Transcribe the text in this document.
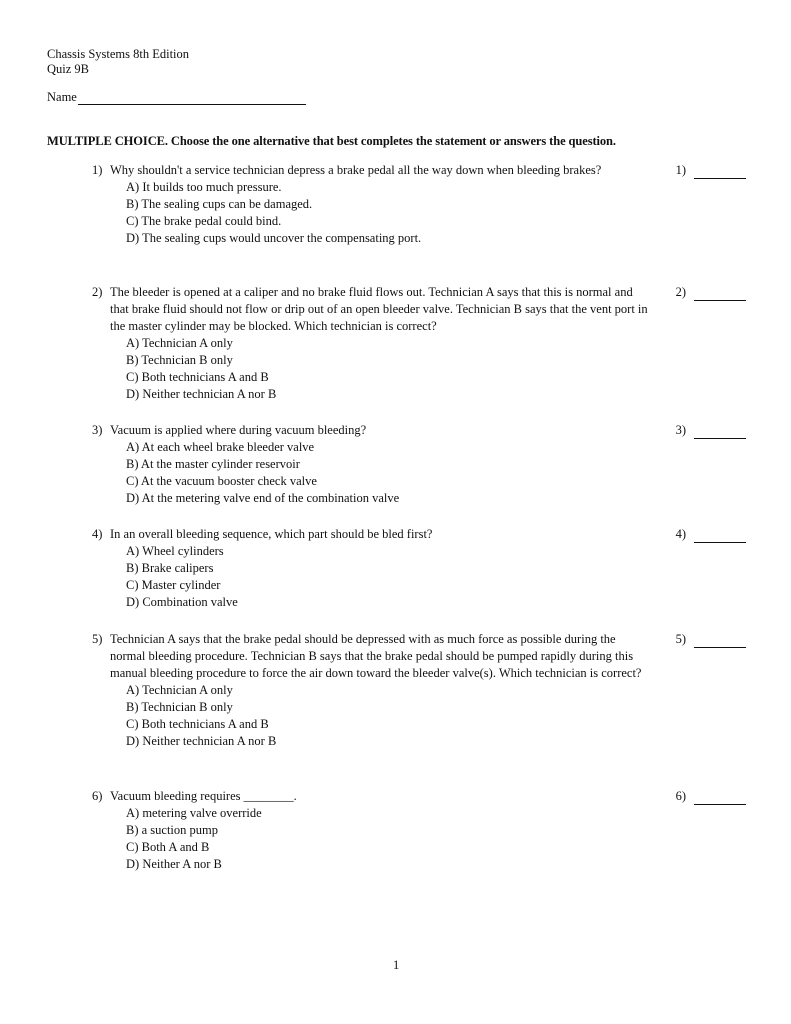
Chassis Systems 8th Edition
Quiz 9B
Name
MULTIPLE CHOICE. Choose the one alternative that best completes the statement or answers the question.
1) Why shouldn't a service technician depress a brake pedal all the way down when bleeding brakes?	1)
A) It builds too much pressure.
B) The sealing cups can be damaged.
C) The brake pedal could bind.
D) The sealing cups would uncover the compensating port.
2) The bleeder is opened at a caliper and no brake fluid flows out. Technician A says that this is normal and that brake fluid should not flow or drip out of an open bleeder valve. Technician B says that the vent port in the master cylinder may be blocked. Which technician is correct?
2)
A) Technician A only
B) Technician B only
C) Both technicians A and B
D) Neither technician A nor B
3) Vacuum is applied where during vacuum bleeding?	3)
A) At each wheel brake bleeder valve
B) At the master cylinder reservoir
C) At the vacuum booster check valve
D) At the metering valve end of the combination valve
4) In an overall bleeding sequence, which part should be bled first?	4)
A) Wheel cylinders
B) Brake calipers
C) Master cylinder
D) Combination valve
5) Technician A says that the brake pedal should be depressed with as much force as possible during the normal bleeding procedure. Technician B says that the brake pedal should be pumped rapidly during this manual bleeding procedure to force the air down toward the bleeder valve(s). Which technician is correct?
5)
A) Technician A only
B) Technician B only
C) Both technicians A and B
D) Neither technician A nor B
6) Vacuum bleeding requires ________.	6)
A) metering valve override
B) a suction pump
C) Both A and B
D) Neither A nor B
1
